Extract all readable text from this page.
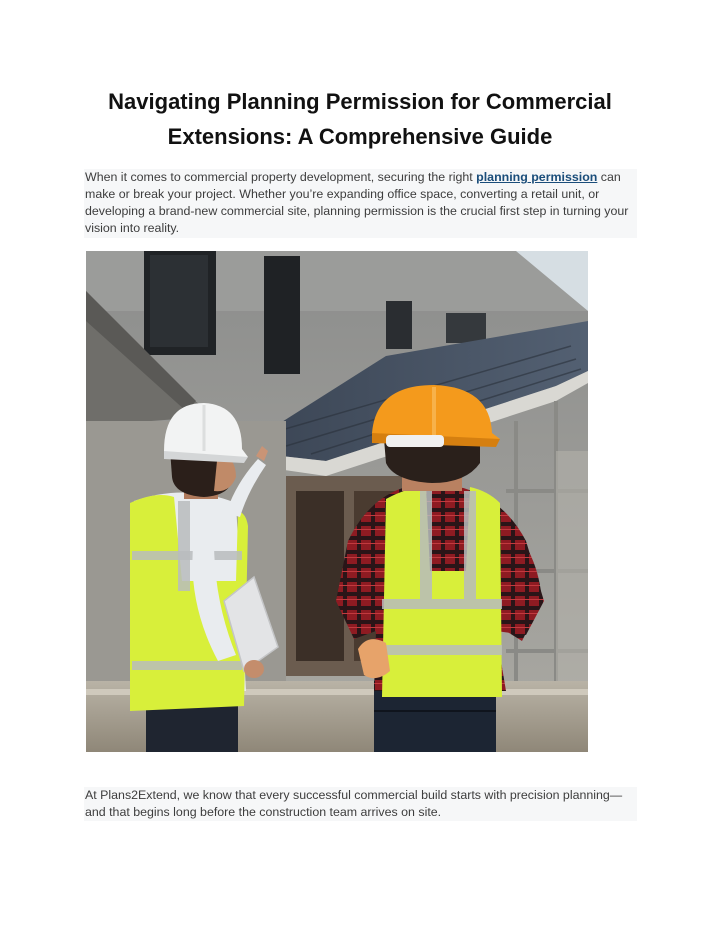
Navigating Planning Permission for Commercial Extensions: A Comprehensive Guide
When it comes to commercial property development, securing the right planning permission can make or break your project. Whether you’re expanding office space, converting a retail unit, or developing a brand-new commercial site, planning permission is the crucial first step in turning your vision into reality.
At Plans2Extend, we know that every successful commercial build starts with precision planning—and that begins long before the construction team arrives on site.
